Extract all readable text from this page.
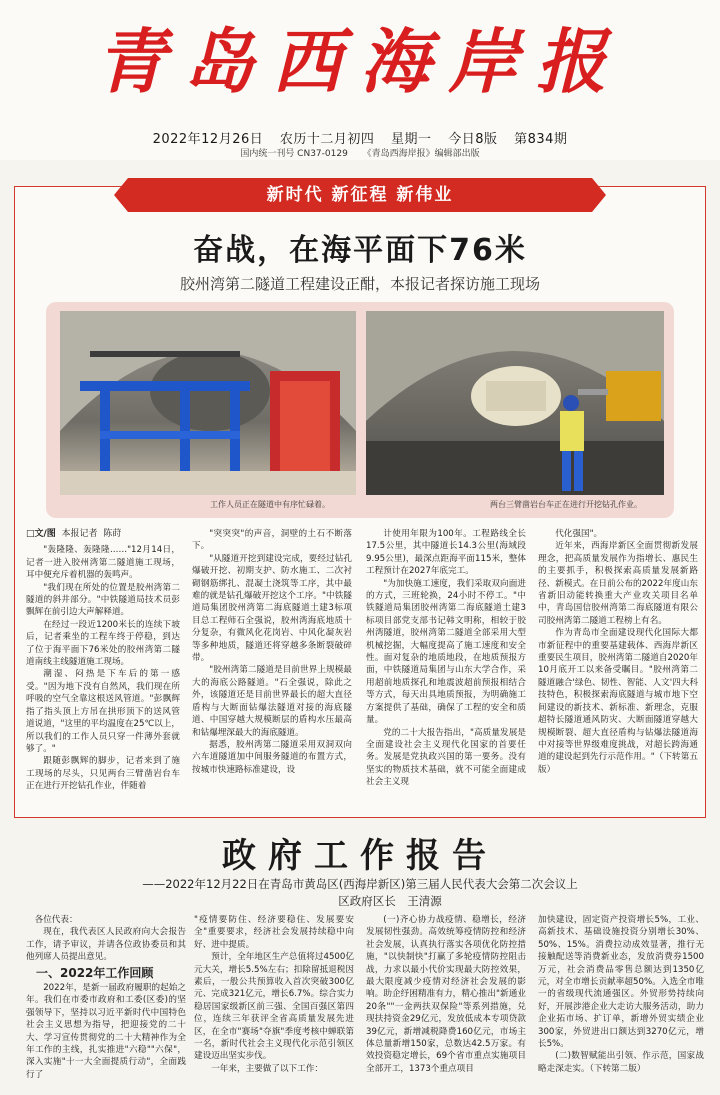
青岛西海岸报
2022年12月26日 农历十二月初四 星期一 今日8版 第834期
国内统一刊号 CN37-0129 《青岛西海岸报》编辑部出版
新时代 新征程 新伟业
奋战，在海平面下76米
胶州湾第二隧道工程建设正酣，本报记者探访施工现场
工作人员正在隧道中有序忙碌着。	两台三臂凿岩台车正在进行开挖钻孔作业。
□文/图 本报记者 陈莳

"轰隆隆、轰隆隆……"12月14日，记者一进入胶州湾第二隧道施工现场，耳中便充斥着机器的轰鸣声。

"我们现在所处的位置是胶州湾第二隧道的斜井部分。"中铁隧道局技术员彭飘辉在前引边大声解释道。

在经过一段近1200米长的连续下坡后，记者乘坐的工程车终于停稳，到达了位于海平面下76米处的胶州湾第二隧道南线主线隧道施工现场。

潮湿、闷热是下车后的第一感受。"因为地下没有自然风，我们现在所呼吸的空气全靠这根送风管道。"彭飘辉指了指头顶上方吊在拱形顶下的送风管道说道，"这里的平均温度在25℃以上，所以我们的工作人员只穿一件薄外套就够了。"

跟随彭飘辉的脚步，记者来到了施工现场的尽头，只见两台三臂凿岩台车正在进行开挖钻孔作业，伴随着

"突突突"的声音，洞壁的土石不断落下。

"从隧道开挖到建设完成，要经过钻孔爆破开挖、初期支护、防水施工、二次衬砌钢筋绑扎、混凝土浇筑等工序，其中最难的就是钻孔爆破开挖这个工序。"中铁隧道局集团胶州湾第二海底隧道土建3标项目总工程师石全强说，胶州湾海底地质十分复杂，有微风化花岗岩、中风化凝灰岩等多种地质，隧道还将穿越多条断裂破碎带。

"胶州湾第二隧道是目前世界上规模最大的海底公路隧道。"石全强说，除此之外，该隧道还是目前世界最长的超大直径盾构与大断面钻爆法隧道对接的海底隧道、中国穿越大规模断层的盾构水压最高和钻爆埋深最大的海底隧道。

据悉，胶州湾第二隧道采用双洞双向六车道隧道加中间服务隧道的布置方式，按城市快速路标准建设，设

计使用年限为100年。工程路线全长17.5公里，其中隧道长14.3公里(海域段9.95公里)，最深点距海平面115米，整体工程预计在2027年底完工。

"为加快施工速度，我们采取双向面进的方式，三班轮换，24小时不停工。"中铁隧道局集团胶州湾第二海底隧道土建3标项目部党支部书记韩文明称，相较于胶州湾隧道，胶州湾第二隧道全部采用大型机械挖掘，大幅度提高了施工速度和安全性。面对复杂的地质地段，在地质预报方面，中铁隧道局集团与山东大学合作，采用超前地质探孔和地震波超前预报相结合等方式，每天出具地质预报，为明确施工方案提供了基础，确保了工程的安全和质量。

党的二十大报告指出，"高质量发展是全面建设社会主义现代化国家的首要任务。发展是党执政兴国的第一要务。没有坚实的物质技术基础，就不可能全面建成社会主义现

代化强国"。

近年来，西海岸新区全面贯彻新发展理念，把高质量发展作为指增长、惠民生的主要抓手，积极探索高质量发展新路径、新模式。在日前公布的2022年度山东省新旧动能转换重大产业攻关项目名单中，青岛国信胶州湾第二海底隧道有限公司胶州湾第二隧道工程榜上有名。

作为青岛市全面建设现代化国际大都市新征程中的重要基建载体、西海岸新区重要民生项目，胶州湾第二隧道自2020年10月底开工以来备受瞩目。"胶州湾第二隧道融合'绿色、韧性、智能、人文'四大科技特色，积极探索海底隧道与城市地下空间建设的新技术、新标准、新理念，克服超特长隧道通风防灾、大断面隧道穿越大规模断裂、超大直径盾构与钻爆法隧道海中对接等世界级难度挑战，对超长跨海通道的建设起到先行示范作用。"（下转第五版）

政府工作报告
——2022年12月22日在青岛市黄岛区(西海岸新区)第三届人民代表大会第二次会议上
区政府区长　王清源

各位代表：

现在，我代表区人民政府向大会报告工作，请予审议，并请各位政协委员和其他列席人员提出意见。

一、2022年工作回顾

2022年，是新一届政府履职的起始之年。我们在市委市政府和工委(区委)的坚强领导下，坚持以习近平新时代中国特色社会主义思想为指导，把迎接党的二十大、学习宣传贯彻党的二十大精神作为全年工作的主线，扎实推进"六稳""六保"，深入实施"十一大全面提质行动"，全面践行了

"疫情要防住、经济要稳住、发展要安全"重要要求，经济社会发展持续稳中向好、进中提质。

预计，全年地区生产总值将过4500亿元大关，增长5.5%左右；扣除留抵退税因素后，一般公共预算收入首次突破300亿元、完成321亿元，增长6.7%。综合实力稳居国家级新区前三强、全国百强区第四位，连续三年获评全省高质量发展先进区，在全市"赛场"夺旗"季度考核中蝉联第一名，新时代社会主义现代化示范引领区建设迈出坚实步伐。

一年来，主要做了以下工作：

(一)齐心协力战疫情、稳增长，经济发展韧性强劲。高效统筹疫情防控和经济社会发展，认真执行落实各项优化防控措施，"以快制快"打赢了多轮疫情防控阻击战，力求以最小代价实现最大防控效果，最大限度减少疫情对经济社会发展的影响。助企纾困精准有力，精心推出"新通业20条""一金两扶双保险"等系列措施，兑现扶持资金29亿元，发放低成本专项贷款39亿元，新增减税降费160亿元，市场主体总量新增150家，总数达42.5万家。有效投资稳定增长，69个省市重点实施项目全部开工，1373个重点项目

加快建设，固定资产投资增长5%，工业、高新技术、基础设施投资分别增长30%、50%、15%。消费拉动成效显著，推行无接触配送等消费新业态，发放消费券1500万元，社会消费品零售总额达到1350亿元，对全市增长贡献率超50%。入选全市唯一的省级现代流通强区。外贸形势持续向好，开展涉港企业大走访大服务活动，助力企业拓市场、扩订单，新增外贸实绩企业300家，外贸进出口额达到3270亿元，增长5%。

(二)数智赋能出引领、作示范，国家战略走深走实。（下转第二版）
